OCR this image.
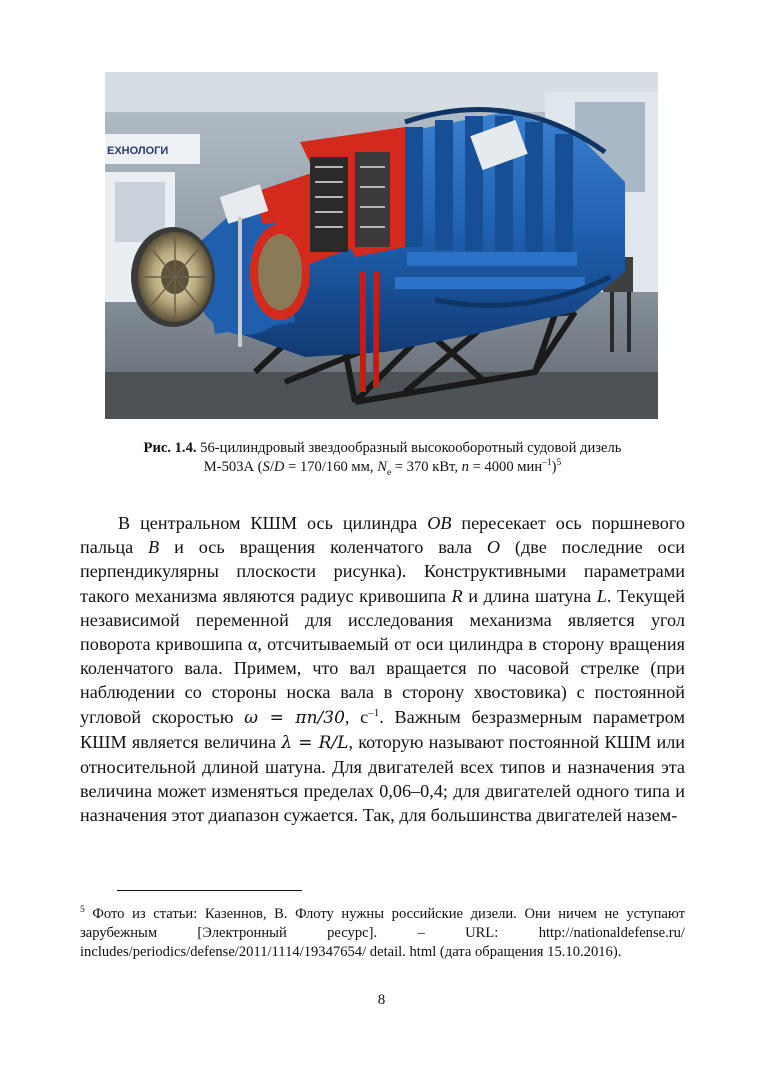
ЕХНОЛОГИ
Рис. 1.4. 56-цилиндровый звездообразный высокооборотный судовой дизель
М-503А (S/D = 170/160 мм, $N_e = 370$ кВт, n = 4000 мин$^{-1}$)$^5$

В центральном КШМ ось цилиндра OB пересекает ось поршневого пальца B и ось вращения коленчатого вала O (две последние оси перпендикулярны плоскости рисунка). Конструктивными параметрами такого механизма являются радиус кривошипа R и длина шатуна L. Текущей независимой переменной для исследования механизма является угол поворота кривошипа α, отсчитываемый от оси цилиндра в сторону вращения коленчатого вала. Примем, что вал вращается по часовой стрелке (при наблюдении со стороны носка вала в сторону хвостовика) с постоянной угловой скоростью ω = πn/30, $с^{-1}$. Важным безразмерным параметром КШМ является величина λ = R/L, которую называют постоянной КШМ или относительной длиной шатуна. Для двигателей всех типов и назначения эта величина может изменяться пределах 0,06–0,4; для двигателей одного типа и назначения этот диапазон сужается. Так, для большинства двигателей назем-

$^5$ Фото из статьи: Казеннов, В. Флоту нужны российские дизели. Они ничем не уступают зарубежным [Электронный ресурс]. – URL: http://nationaldefense.ru/ includes/periodics/defense/2011/1114/19347654/ detail. html (дата обращения 15.10.2016).
8
